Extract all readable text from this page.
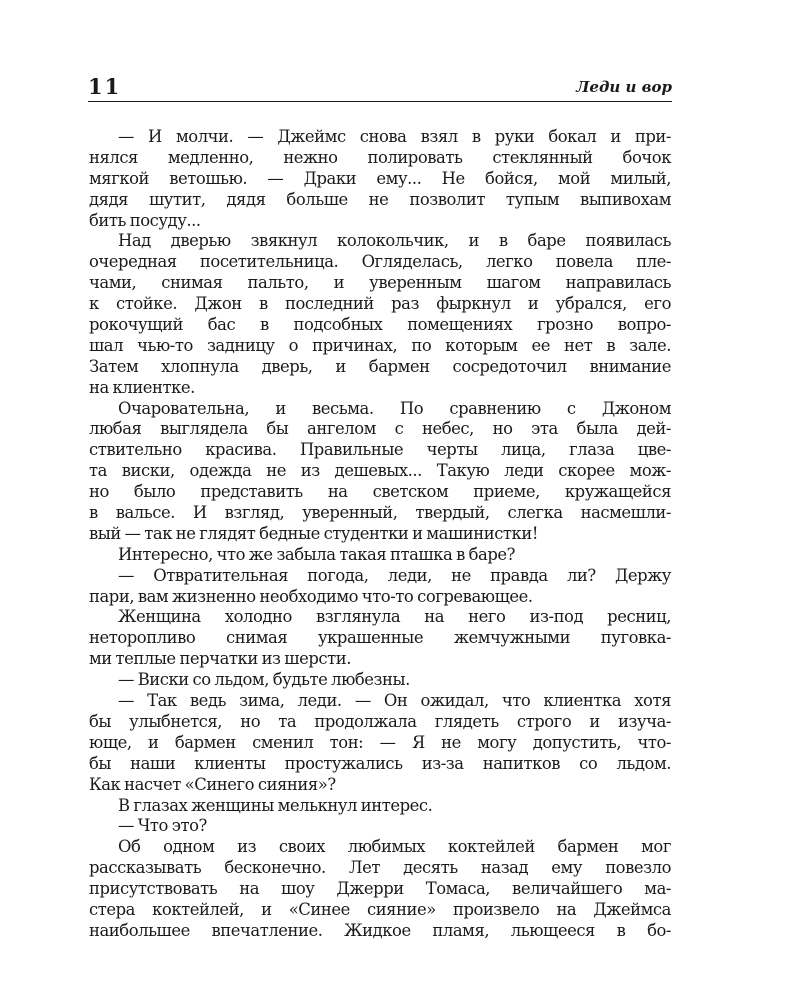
11	Леди и вор
— И молчи. — Джеймс снова взял в руки бокал и при-
нялся медленно, нежно полировать стеклянный бочок
мягкой ветошью. — Драки ему... Не бойся, мой милый,
дядя шутит, дядя больше не позволит тупым выпивохам
бить посуду...
Над дверью звякнул колокольчик, и в баре появилась
очередная посетительница. Огляделась, легко повела пле-
чами, снимая пальто, и уверенным шагом направилась
к стойке. Джон в последний раз фыркнул и убрался, его
рокочущий бас в подсобных помещениях грозно вопро-
шал чью-то задницу о причинах, по которым ее нет в зале.
Затем хлопнула дверь, и бармен сосредоточил внимание
на клиентке.
Очаровательна, и весьма. По сравнению с Джоном
любая выглядела бы ангелом с небес, но эта была дей-
ствительно красива. Правильные черты лица, глаза цве-
та виски, одежда не из дешевых... Такую леди скорее мож-
но было представить на светском приеме, кружащейся
в вальсе. И взгляд, уверенный, твердый, слегка насмешли-
вый — так не глядят бедные студентки и машинистки!
Интересно, что же забыла такая пташка в баре?
— Отвратительная погода, леди, не правда ли? Держу
пари, вам жизненно необходимо что-то согревающее.
Женщина холодно взглянула на него из-под ресниц,
неторопливо снимая украшенные жемчужными пуговка-
ми теплые перчатки из шерсти.
— Виски со льдом, будьте любезны.
— Так ведь зима, леди. — Он ожидал, что клиентка хотя
бы улыбнется, но та продолжала глядеть строго и изуча-
юще, и бармен сменил тон: — Я не могу допустить, что-
бы наши клиенты простужались из-за напитков со льдом.
Как насчет «Синего сияния»?
В глазах женщины мелькнул интерес.
— Что это?
Об одном из своих любимых коктейлей бармен мог
рассказывать бесконечно. Лет десять назад ему повезло
присутствовать на шоу Джерри Томаса, величайшего ма-
стера коктейлей, и «Синее сияние» произвело на Джеймса
наибольшее впечатление. Жидкое пламя, льющееся в бо-
